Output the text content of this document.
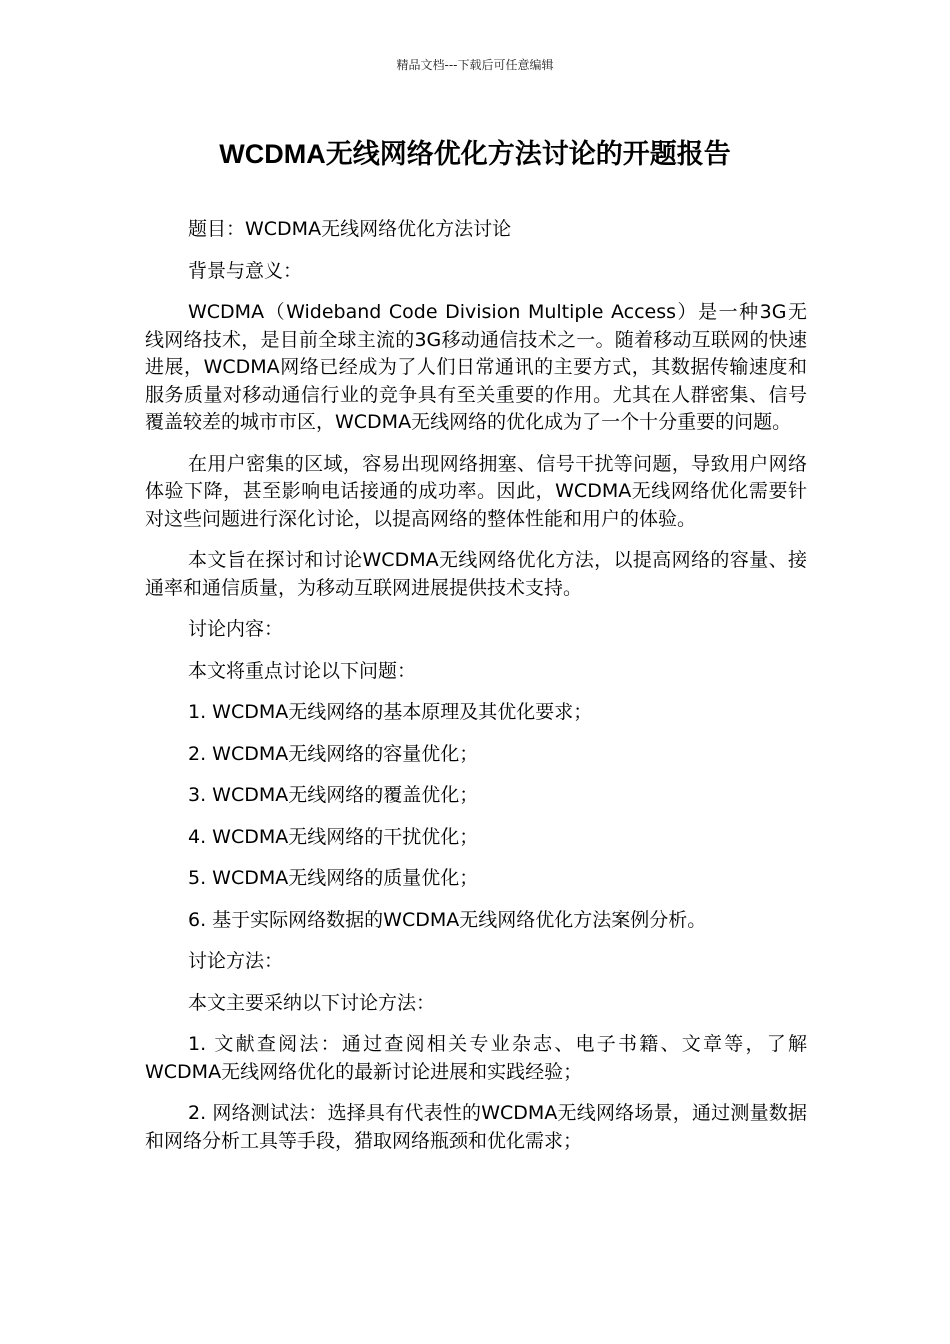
精品文档---下载后可任意编辑
WCDMA无线网络优化方法讨论的开题报告

题目：WCDMA无线网络优化方法讨论

背景与意义：

WCDMA（Wideband Code Division Multiple Access）是一种3G无线网络技术，是目前全球主流的3G移动通信技术之一。随着移动互联网的快速进展，WCDMA网络已经成为了人们日常通讯的主要方式，其数据传输速度和服务质量对移动通信行业的竞争具有至关重要的作用。尤其在人群密集、信号覆盖较差的城市市区，WCDMA无线网络的优化成为了一个十分重要的问题。

在用户密集的区域，容易出现网络拥塞、信号干扰等问题，导致用户网络体验下降，甚至影响电话接通的成功率。因此，WCDMA无线网络优化需要针对这些问题进行深化讨论，以提高网络的整体性能和用户的体验。

本文旨在探讨和讨论WCDMA无线网络优化方法，以提高网络的容量、接通率和通信质量，为移动互联网进展提供技术支持。

讨论内容：

本文将重点讨论以下问题：

1. WCDMA无线网络的基本原理及其优化要求；

2. WCDMA无线网络的容量优化；

3. WCDMA无线网络的覆盖优化；

4. WCDMA无线网络的干扰优化；

5. WCDMA无线网络的质量优化；

6. 基于实际网络数据的WCDMA无线网络优化方法案例分析。

讨论方法：

本文主要采纳以下讨论方法：

1. 文献查阅法：通过查阅相关专业杂志、电子书籍、文章等，了解WCDMA无线网络优化的最新讨论进展和实践经验；

2. 网络测试法：选择具有代表性的WCDMA无线网络场景，通过测量数据和网络分析工具等手段，猎取网络瓶颈和优化需求；
